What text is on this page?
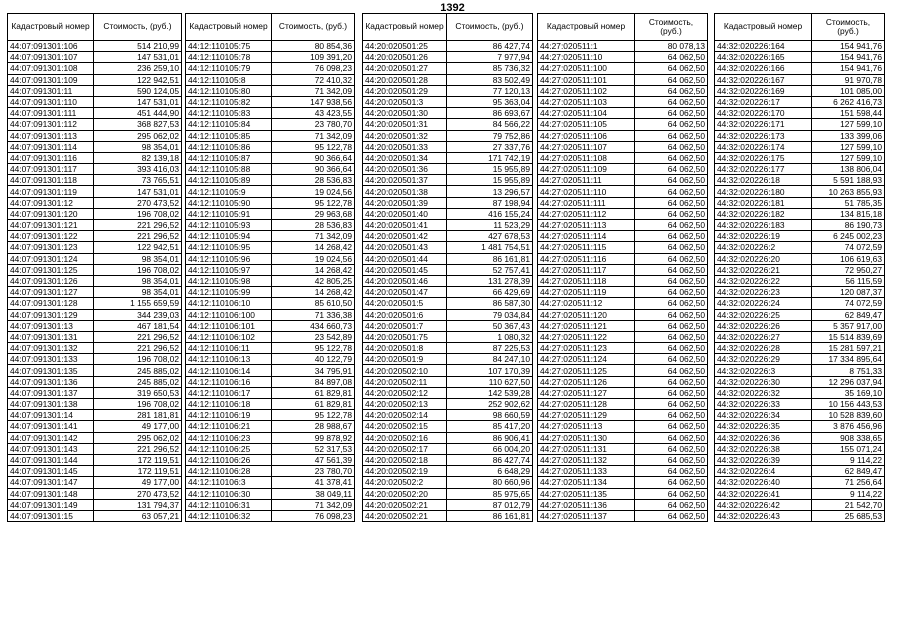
1392
Кадастровый номер	Стоимость, (руб.)
44:07:091301:106	514 210,99
44:07:091301:107	147 531,01
44:07:091301:108	236 259,10
44:07:091301:109	122 942,51
44:07:091301:11	590 124,05
44:07:091301:110	147 531,01
44:07:091301:111	451 444,90
44:07:091301:112	368 827,53
44:07:091301:113	295 062,02
44:07:091301:114	98 354,01
44:07:091301:116	82 139,18
44:07:091301:117	393 416,03
44:07:091301:118	73 765,51
44:07:091301:119	147 531,01
44:07:091301:12	270 473,52
44:07:091301:120	196 708,02
44:07:091301:121	221 296,52
44:07:091301:122	221 296,52
44:07:091301:123	122 942,51
44:07:091301:124	98 354,01
44:07:091301:125	196 708,02
44:07:091301:126	98 354,01
44:07:091301:127	98 354,01
44:07:091301:128	1 155 659,59
44:07:091301:129	344 239,03
44:07:091301:13	467 181,54
44:07:091301:131	221 296,52
44:07:091301:132	221 296,52
44:07:091301:133	196 708,02
44:07:091301:135	245 885,02
44:07:091301:136	245 885,02
44:07:091301:137	319 650,53
44:07:091301:138	196 708,02
44:07:091301:14	281 181,81
44:07:091301:141	49 177,00
44:07:091301:142	295 062,02
44:07:091301:143	221 296,52
44:07:091301:144	172 119,51
44:07:091301:145	172 119,51
44:07:091301:147	49 177,00
44:07:091301:148	270 473,52
44:07:091301:149	131 794,37
44:07:091301:15	63 057,21
Кадастровый номер	Стоимость, (руб.)
44:12:110105:75	80 854,36
44:12:110105:78	109 391,20
44:12:110105:79	76 098,23
44:12:110105:8	72 410,32
44:12:110105:80	71 342,09
44:12:110105:82	147 938,56
44:12:110105:83	43 423,55
44:12:110105:84	23 780,70
44:12:110105:85	71 342,09
44:12:110105:86	95 122,78
44:12:110105:87	90 366,64
44:12:110105:88	90 366,64
44:12:110105:89	28 536,83
44:12:110105:9	19 024,56
44:12:110105:90	95 122,78
44:12:110105:91	29 963,68
44:12:110105:93	28 536,83
44:12:110105:94	71 342,09
44:12:110105:95	14 268,42
44:12:110105:96	19 024,56
44:12:110105:97	14 268,42
44:12:110105:98	42 805,25
44:12:110105:99	14 268,42
44:12:110106:10	85 610,50
44:12:110106:100	71 336,38
44:12:110106:101	434 660,73
44:12:110106:102	23 542,89
44:12:110106:11	95 122,78
44:12:110106:13	40 122,79
44:12:110106:14	34 795,91
44:12:110106:16	84 897,08
44:12:110106:17	61 829,81
44:12:110106:18	61 829,81
44:12:110106:19	95 122,78
44:12:110106:21	28 988,67
44:12:110106:23	99 878,92
44:12:110106:25	52 317,53
44:12:110106:26	47 561,39
44:12:110106:28	23 780,70
44:12:110106:3	41 378,41
44:12:110106:30	38 049,11
44:12:110106:31	71 342,09
44:12:110106:32	76 098,23
Кадастровый номер	Стоимость, (руб.)
44:20:020501:25	86 427,74
44:20:020501:26	7 977,94
44:20:020501:27	85 736,32
44:20:020501:28	83 502,49
44:20:020501:29	77 120,13
44:20:020501:3	95 363,04
44:20:020501:30	86 693,67
44:20:020501:31	84 566,22
44:20:020501:32	79 752,86
44:20:020501:33	27 337,76
44:20:020501:34	171 742,19
44:20:020501:36	15 955,89
44:20:020501:37	15 955,89
44:20:020501:38	13 296,57
44:20:020501:39	87 198,94
44:20:020501:40	416 155,24
44:20:020501:41	11 523,29
44:20:020501:42	427 678,53
44:20:020501:43	1 481 754,51
44:20:020501:44	86 161,81
44:20:020501:45	52 757,41
44:20:020501:46	131 278,39
44:20:020501:47	66 429,69
44:20:020501:5	86 587,30
44:20:020501:6	79 034,84
44:20:020501:7	50 367,43
44:20:020501:75	1 080,32
44:20:020501:8	87 225,53
44:20:020501:9	84 247,10
44:20:020502:10	107 170,39
44:20:020502:11	110 627,50
44:20:020502:12	142 539,28
44:20:020502:13	252 902,62
44:20:020502:14	98 660,59
44:20:020502:15	85 417,20
44:20:020502:16	86 906,41
44:20:020502:17	66 004,20
44:20:020502:18	86 427,74
44:20:020502:19	6 648,29
44:20:020502:2	80 660,96
44:20:020502:20	85 975,65
44:20:020502:21	87 012,79
44:20:020502:21	86 161,81
Кадастровый номер	Стоимость, (руб.)
44:27:020511:1	80 078,13
44:27:020511:10	64 062,50
44:27:020511:100	64 062,50
44:27:020511:101	64 062,50
44:27:020511:102	64 062,50
44:27:020511:103	64 062,50
44:27:020511:104	64 062,50
44:27:020511:105	64 062,50
44:27:020511:106	64 062,50
44:27:020511:107	64 062,50
44:27:020511:108	64 062,50
44:27:020511:109	64 062,50
44:27:020511:11	64 062,50
44:27:020511:110	64 062,50
44:27:020511:111	64 062,50
44:27:020511:112	64 062,50
44:27:020511:113	64 062,50
44:27:020511:114	64 062,50
44:27:020511:115	64 062,50
44:27:020511:116	64 062,50
44:27:020511:117	64 062,50
44:27:020511:118	64 062,50
44:27:020511:119	64 062,50
44:27:020511:12	64 062,50
44:27:020511:120	64 062,50
44:27:020511:121	64 062,50
44:27:020511:122	64 062,50
44:27:020511:123	64 062,50
44:27:020511:124	64 062,50
44:27:020511:125	64 062,50
44:27:020511:126	64 062,50
44:27:020511:127	64 062,50
44:27:020511:128	64 062,50
44:27:020511:129	64 062,50
44:27:020511:13	64 062,50
44:27:020511:130	64 062,50
44:27:020511:131	64 062,50
44:27:020511:132	64 062,50
44:27:020511:133	64 062,50
44:27:020511:134	64 062,50
44:27:020511:135	64 062,50
44:27:020511:136	64 062,50
44:27:020511:137	64 062,50
Кадастровый номер	Стоимость, (руб.)
44:32:020226:164	154 941,76
44:32:020226:165	154 941,76
44:32:020226:166	154 941,76
44:32:020226:167	91 970,78
44:32:020226:169	101 085,00
44:32:020226:17	6 262 416,73
44:32:020226:170	151 598,44
44:32:020226:171	127 599,10
44:32:020226:173	133 399,06
44:32:020226:174	127 599,10
44:32:020226:175	127 599,10
44:32:020226:177	138 806,04
44:32:020226:18	5 591 188,93
44:32:020226:180	10 263 855,93
44:32:020226:181	51 785,35
44:32:020226:182	134 815,18
44:32:020226:183	86 190,73
44:32:020226:19	6 245 002,23
44:32:020226:2	74 072,59
44:32:020226:20	106 619,63
44:32:020226:21	72 950,27
44:32:020226:22	56 115,59
44:32:020226:23	120 087,37
44:32:020226:24	74 072,59
44:32:020226:25	62 849,47
44:32:020226:26	5 357 917,00
44:32:020226:27	15 514 839,69
44:32:020226:28	15 281 597,21
44:32:020226:29	17 334 895,64
44:32:020226:3	8 751,33
44:32:020226:30	12 296 037,94
44:32:020226:32	35 169,10
44:32:020226:33	10 156 443,53
44:32:020226:34	10 528 839,60
44:32:020226:35	3 876 456,96
44:32:020226:36	908 338,65
44:32:020226:38	155 071,24
44:32:020226:39	9 114,22
44:32:020226:4	62 849,47
44:32:020226:40	71 256,64
44:32:020226:41	9 114,22
44:32:020226:42	21 542,70
44:32:020226:43	25 685,53
